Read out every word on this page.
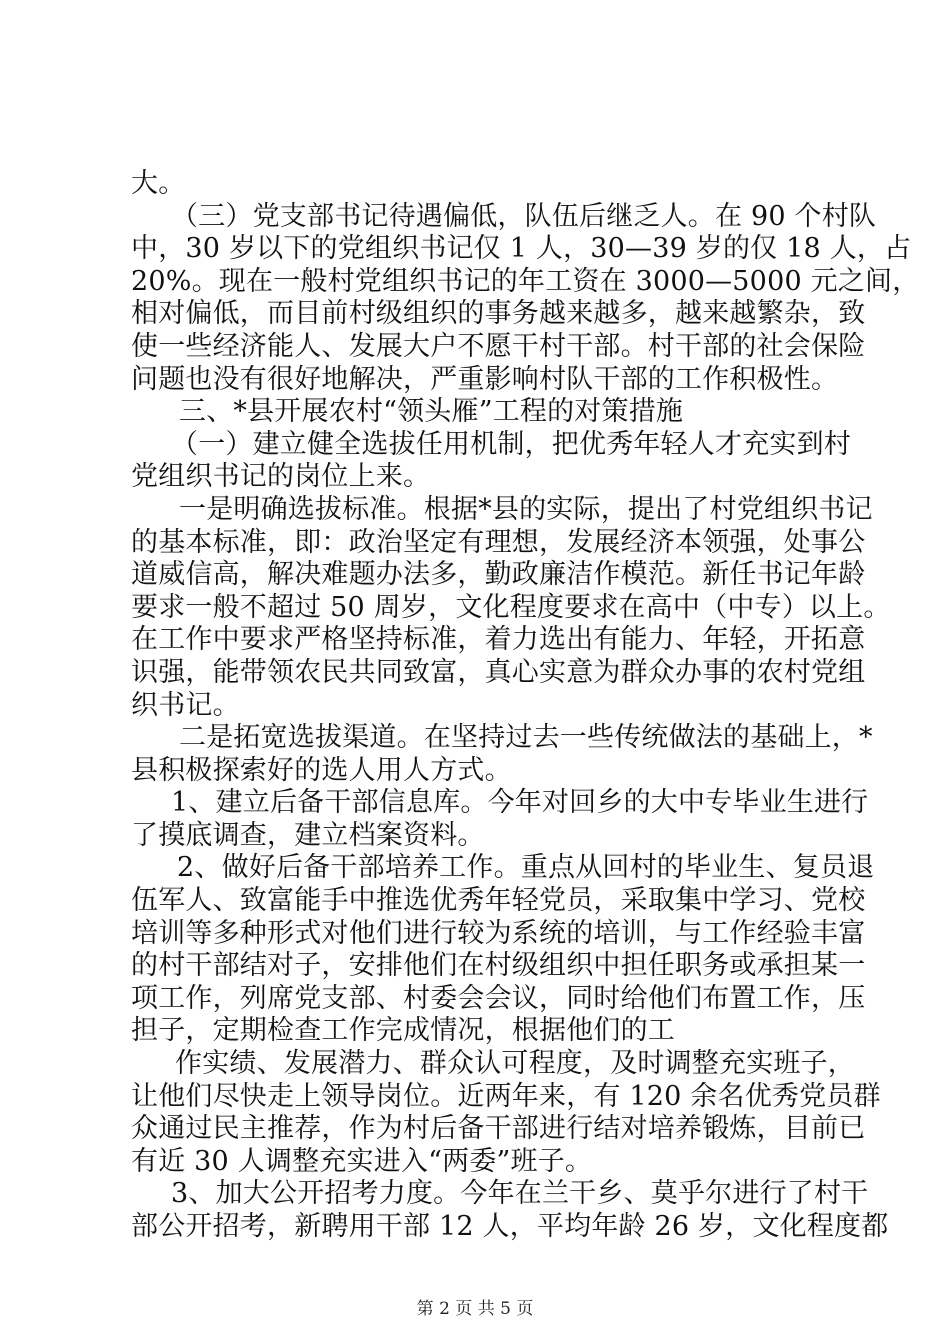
大。
（三）党支部书记待遇偏低，队伍后继乏人。在 90 个村队
中，30 岁以下的党组织书记仅 1 人，30—39 岁的仅 18 人，占
20%。现在一般村党组织书记的年工资在 3000—5000 元之间，
相对偏低，而目前村级组织的事务越来越多，越来越繁杂，致
使一些经济能人、发展大户不愿干村干部。村干部的社会保险
问题也没有很好地解决，严重影响村队干部的工作积极性。
三、*县开展农村“领头雁”工程的对策措施
（一）建立健全选拔任用机制，把优秀年轻人才充实到村
党组织书记的岗位上来。
一是明确选拔标准。根据*县的实际，提出了村党组织书记
的基本标准，即：政治坚定有理想，发展经济本领强，处事公
道威信高，解决难题办法多，勤政廉洁作模范。新任书记年龄
要求一般不超过 50 周岁，文化程度要求在高中（中专）以上。
在工作中要求严格坚持标准，着力选出有能力、年轻，开拓意
识强，能带领农民共同致富，真心实意为群众办事的农村党组
织书记。
二是拓宽选拔渠道。在坚持过去一些传统做法的基础上，*
县积极探索好的选人用人方式。
1、建立后备干部信息库。今年对回乡的大中专毕业生进行
了摸底调查，建立档案资料。
2、做好后备干部培养工作。重点从回村的毕业生、复员退
伍军人、致富能手中推选优秀年轻党员，采取集中学习、党校
培训等多种形式对他们进行较为系统的培训，与工作经验丰富
的村干部结对子，安排他们在村级组织中担任职务或承担某一
项工作，列席党支部、村委会会议，同时给他们布置工作，压
担子，定期检查工作完成情况，根据他们的工
作实绩、发展潜力、群众认可程度，及时调整充实班子，
让他们尽快走上领导岗位。近两年来，有 120 余名优秀党员群
众通过民主推荐，作为村后备干部进行结对培养锻炼，目前已
有近 30 人调整充实进入“两委”班子。
3、加大公开招考力度。今年在兰干乡、莫乎尔进行了村干
部公开招考，新聘用干部 12 人，平均年龄 26 岁，文化程度都
第 2 页 共 5 页
